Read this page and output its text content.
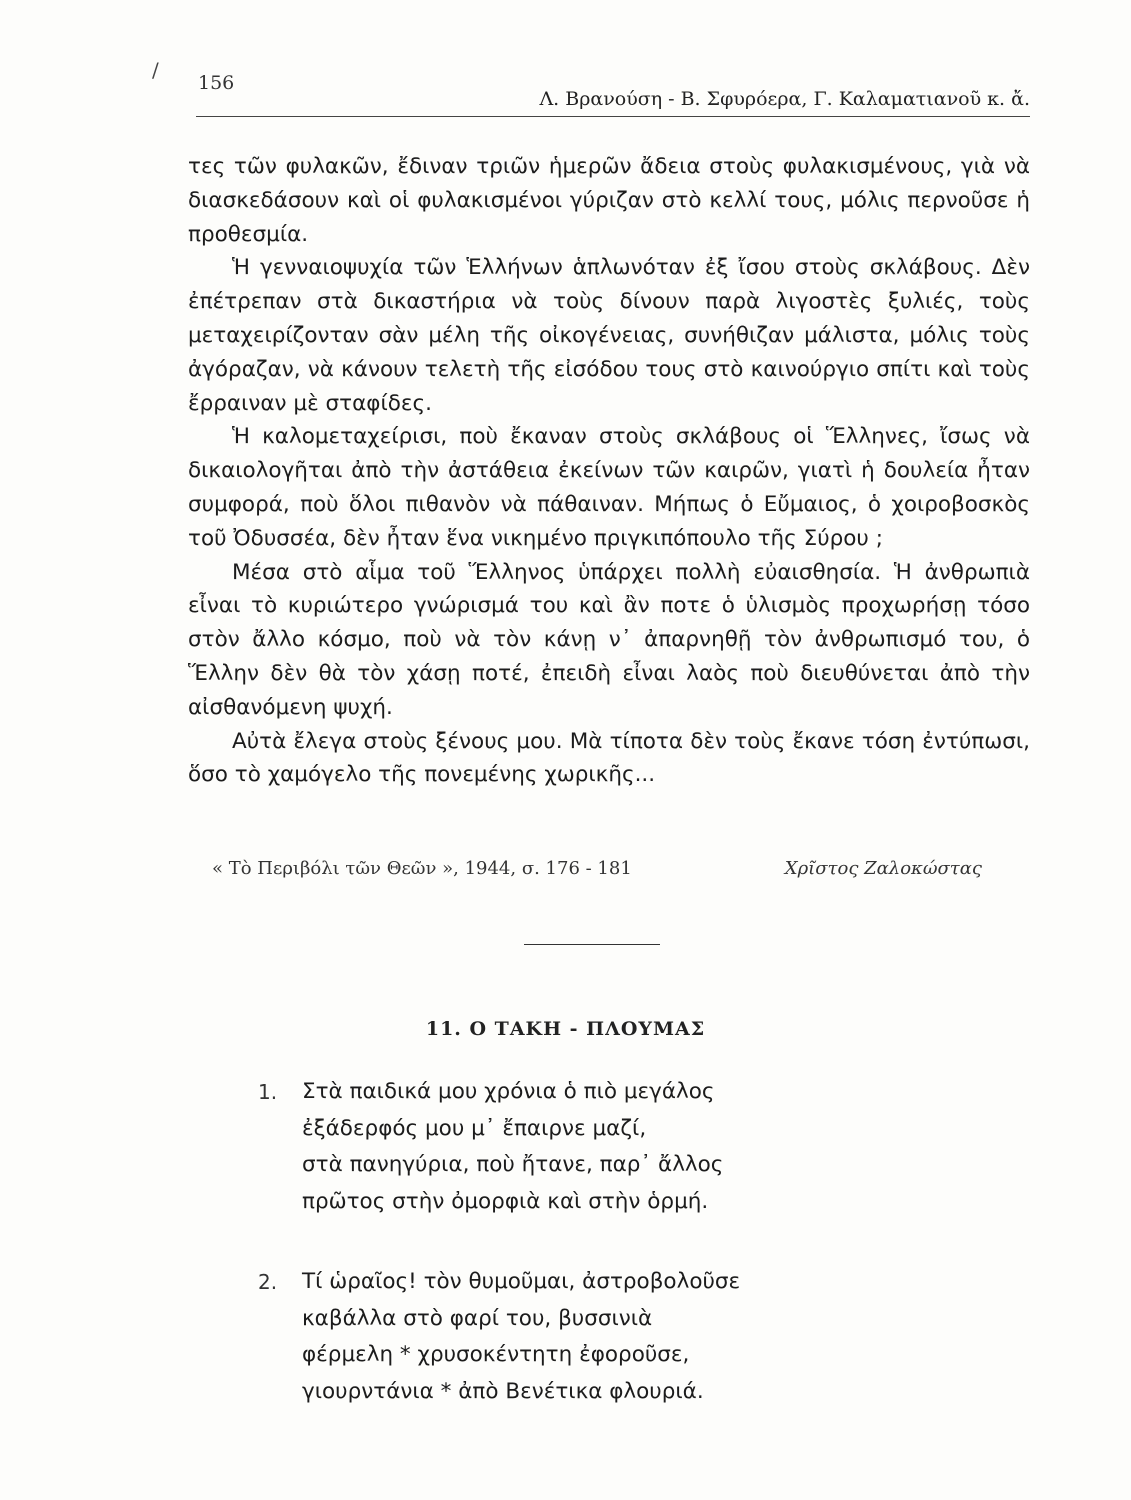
/
156
Λ. Βρανούση - Β. Σφυρόερα, Γ. Καλαματιανοῦ κ. ἄ.

τες τῶν φυλακῶν, ἔδιναν τριῶν ἡμερῶν ἄδεια στοὺς φυλακισμένους, γιὰ νὰ διασκεδάσουν καὶ οἱ φυλακισμένοι γύριζαν στὸ κελλί τους, μόλις περνοῦσε ἡ προθεσμία.

Ἡ γενναιοψυχία τῶν Ἑλλήνων ἁπλωνόταν ἐξ ἴσου στοὺς σκλάβους. Δὲν ἐπέτρεπαν στὰ δικαστήρια νὰ τοὺς δίνουν παρὰ λιγοστὲς ξυλιές, τοὺς μεταχειρίζονταν σὰν μέλη τῆς οἰκογένειας, συνήθιζαν μάλιστα, μόλις τοὺς ἀγόραζαν, νὰ κάνουν τελετὴ τῆς εἰσόδου τους στὸ καινούργιο σπίτι καὶ τοὺς ἔρραιναν μὲ σταφίδες.

Ἡ καλομεταχείρισι, ποὺ ἔκαναν στοὺς σκλάβους οἱ Ἕλληνες, ἴσως νὰ δικαιολογῆται ἀπὸ τὴν ἀστάθεια ἐκείνων τῶν καιρῶν, γιατὶ ἡ δουλεία ἦταν συμφορά, ποὺ ὅλοι πιθανὸν νὰ πάθαιναν. Μήπως ὁ Εὔμαιος, ὁ χοιροβοσκὸς τοῦ Ὀδυσσέα, δὲν ἦταν ἕνα νικημένο πριγκιπόπουλο τῆς Σύρου ;

Μέσα στὸ αἷμα τοῦ Ἕλληνος ὑπάρχει πολλὴ εὐαισθησία. Ἡ ἀνθρωπιὰ εἶναι τὸ κυριώτερο γνώρισμά του καὶ ἂν ποτε ὁ ὑλισμὸς προχωρήσῃ τόσο στὸν ἄλλο κόσμο, ποὺ νὰ τὸν κάνῃ ν᾽ ἀπαρνηθῇ τὸν ἀνθρωπισμό του, ὁ Ἕλλην δὲν θὰ τὸν χάσῃ ποτέ, ἐπειδὴ εἶναι λαὸς ποὺ διευθύνεται ἀπὸ τὴν αἰσθανόμενη ψυχή.

Αὐτὰ ἔλεγα στοὺς ξένους μου. Μὰ τίποτα δὲν τοὺς ἔκανε τόση ἐντύπωσι, ὅσο τὸ χαμόγελο τῆς πονεμένης χωρικῆς...

« Τὸ Περιβόλι τῶν Θεῶν », 1944, σ. 176 - 181	Χρῖστος Ζαλοκώστας
11. Ο ΤΑΚΗ - ΠΛΟΥΜΑΣ
1. Στὰ παιδικά μου χρόνια ὁ πιὸ μεγάλος
ἐξάδερφός μου μ᾽ ἔπαιρνε μαζί,
στὰ πανηγύρια, ποὺ ἤτανε, παρ᾽ ἄλλος
πρῶτος στὴν ὀμορφιὰ καὶ στὴν ὁρμή.
2. Τί ὡραῖος! τὸν θυμοῦμαι, ἀστροβολοῦσε
καβάλλα στὸ φαρί του, βυσσινιὰ
φέρμελη * χρυσοκέντητη ἐφοροῦσε,
γιουρντάνια * ἀπὸ Βενέτικα φλουριά.
